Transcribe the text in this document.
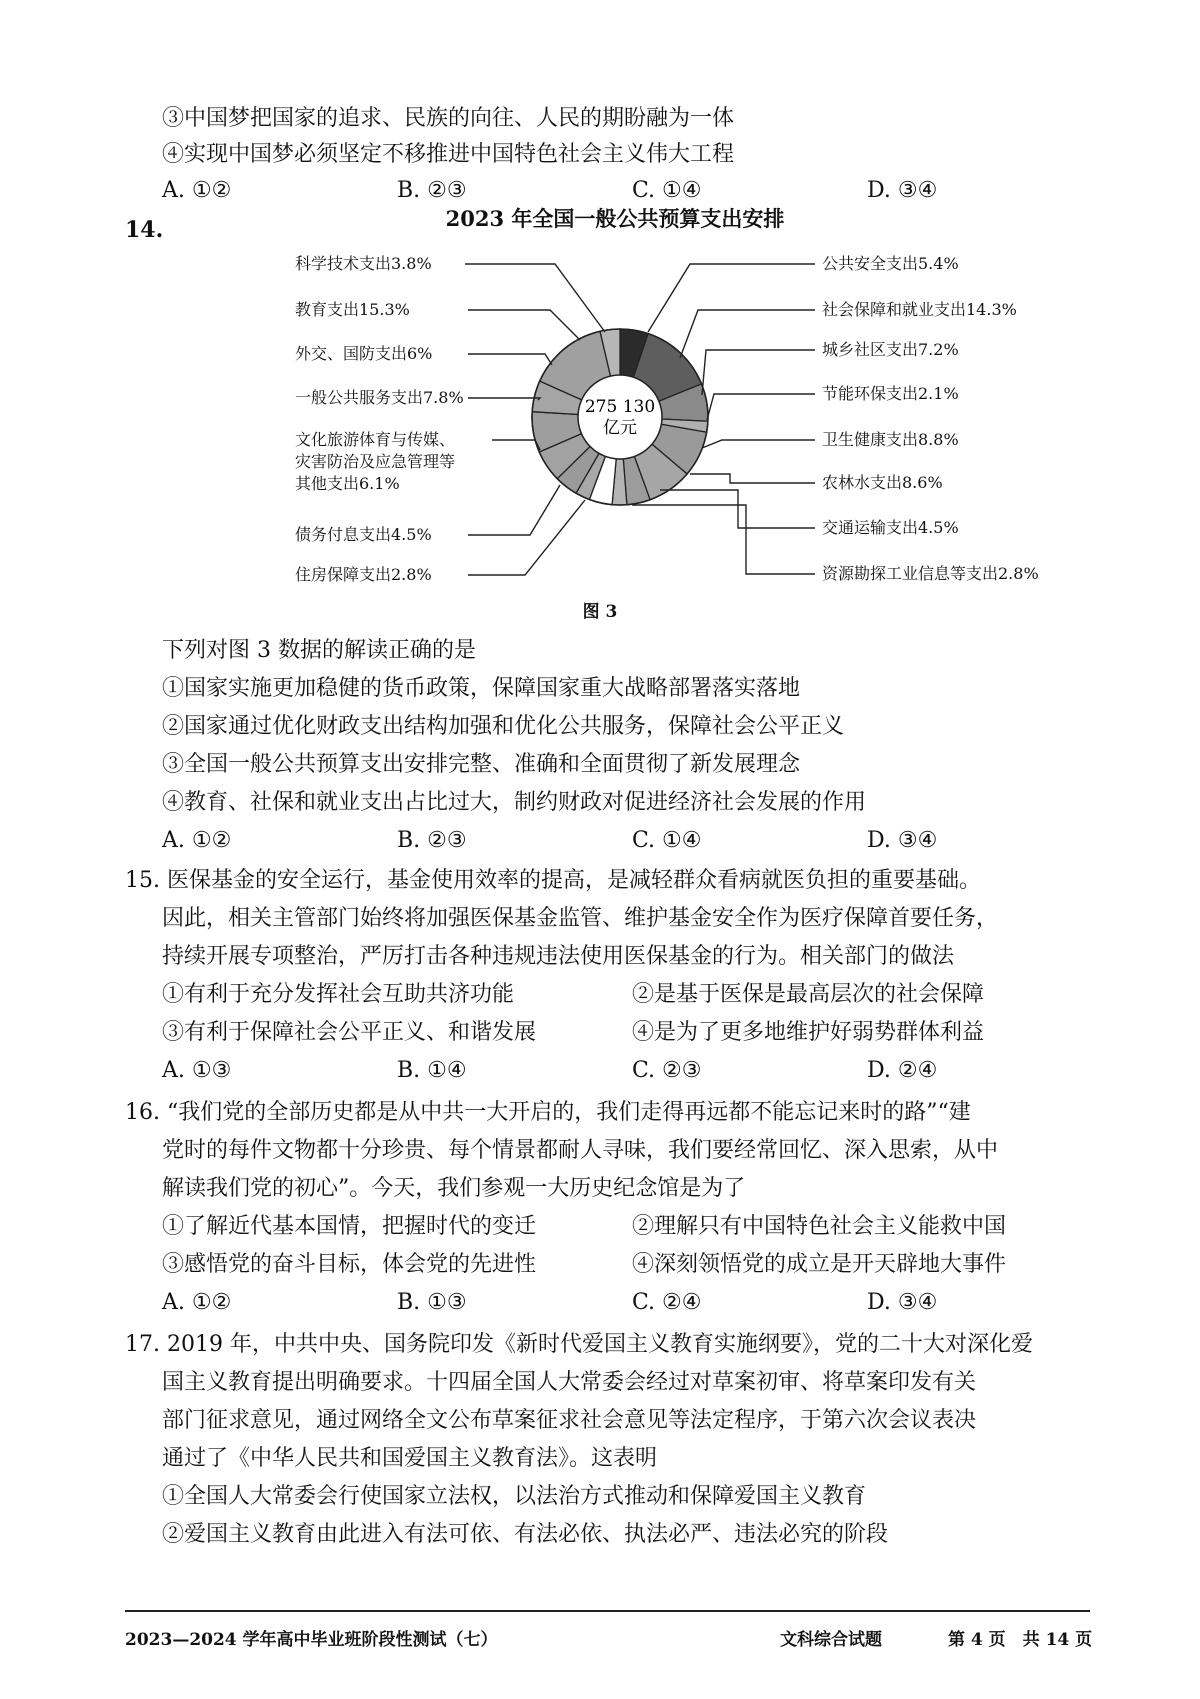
③中国梦把国家的追求、民族的向往、人民的期盼融为一体
④实现中国梦必须坚定不移推进中国特色社会主义伟大工程
A. ①②	B. ②③	C. ①④	D. ③④
14.	2023 年全国一般公共预算支出安排
公共安全支出5.4%
社会保障和就业支出14.3%
城乡社区支出7.2%
节能环保支出2.1%
卫生健康支出8.8%
农林水支出8.6%
交通运输支出4.5%
资源勘探工业信息等支出2.8%
科学技术支出3.8%
教育支出15.3%
外交、国防支出6%
一般公共服务支出7.8%
文化旅游体育与传媒、
灾害防治及应急管理等
其他支出6.1%
债务付息支出4.5%
住房保障支出2.8%
275 130
亿元
图 3
下列对图 3 数据的解读正确的是
①国家实施更加稳健的货币政策，保障国家重大战略部署落实落地
②国家通过优化财政支出结构加强和优化公共服务，保障社会公平正义
③全国一般公共预算支出安排完整、准确和全面贯彻了新发展理念
④教育、社保和就业支出占比过大，制约财政对促进经济社会发展的作用
A. ①②	B. ②③	C. ①④	D. ③④
15. 医保基金的安全运行，基金使用效率的提高，是减轻群众看病就医负担的重要基础。
因此，相关主管部门始终将加强医保基金监管、维护基金安全作为医疗保障首要任务，
持续开展专项整治，严厉打击各种违规违法使用医保基金的行为。相关部门的做法
①有利于充分发挥社会互助共济功能	②是基于医保是最高层次的社会保障
③有利于保障社会公平正义、和谐发展	④是为了更多地维护好弱势群体利益
A. ①③	B. ①④	C. ②③	D. ②④
16. “我们党的全部历史都是从中共一大开启的，我们走得再远都不能忘记来时的路”“建
党时的每件文物都十分珍贵、每个情景都耐人寻味，我们要经常回忆、深入思索，从中
解读我们党的初心”。今天，我们参观一大历史纪念馆是为了
①了解近代基本国情，把握时代的变迁	②理解只有中国特色社会主义能救中国
③感悟党的奋斗目标，体会党的先进性	④深刻领悟党的成立是开天辟地大事件
A. ①②	B. ①③	C. ②④	D. ③④
17. 2019 年，中共中央、国务院印发《新时代爱国主义教育实施纲要》，党的二十大对深化爱
国主义教育提出明确要求。十四届全国人大常委会经过对草案初审、将草案印发有关
部门征求意见，通过网络全文公布草案征求社会意见等法定程序，于第六次会议表决
通过了《中华人民共和国爱国主义教育法》。这表明
①全国人大常委会行使国家立法权，以法治方式推动和保障爱国主义教育
②爱国主义教育由此进入有法可依、有法必依、执法必严、违法必究的阶段
2023—2024 学年高中毕业班阶段性测试（七）	文科综合试题	第 4 页　共 14 页
